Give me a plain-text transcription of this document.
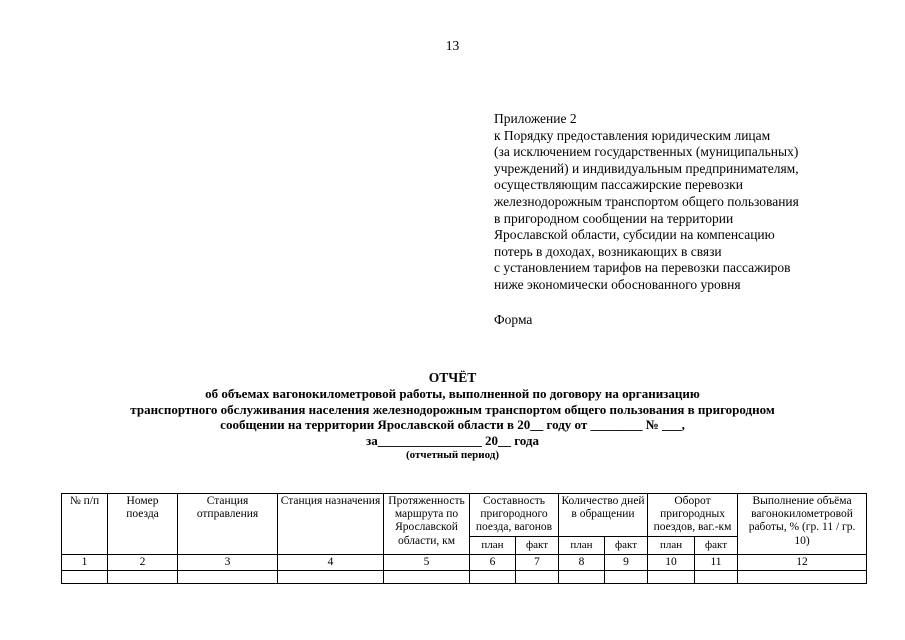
13
Приложение 2
к Порядку предоставления юридическим лицам
(за исключением государственных (муниципальных)
учреждений) и индивидуальным предпринимателям,
осуществляющим пассажирские перевозки
железнодорожным транспортом общего пользования
в пригородном сообщении на территории
Ярославской области, субсидии на компенсацию
потерь в доходах, возникающих в связи
с установлением тарифов на перевозки пассажиров
ниже экономически обоснованного уровня
Форма
ОТЧЁТ
об объемах вагонокилометровой работы, выполненной по договору на организацию
транспортного обслуживания населения железнодорожным транспортом общего пользования в пригородном
сообщении на территории Ярославской области в 20__ году от ________ № ___,
за________________ 20__ года
(отчетный период)
№ п/п	Номер поезда	Станция отправления	Станция назначения	Протяженность маршрута по Ярославской области, км	Составность пригородного поезда, вагонов		Количество дней в обращении		Оборот пригородных поездов, ваг.-км		Выполнение объёма вагонокилометровой работы, % (гр. 11 / гр. 10)
					план	факт	план	факт	план	факт	
1	2	3	4	5	6	7	8	9	10	11	12
